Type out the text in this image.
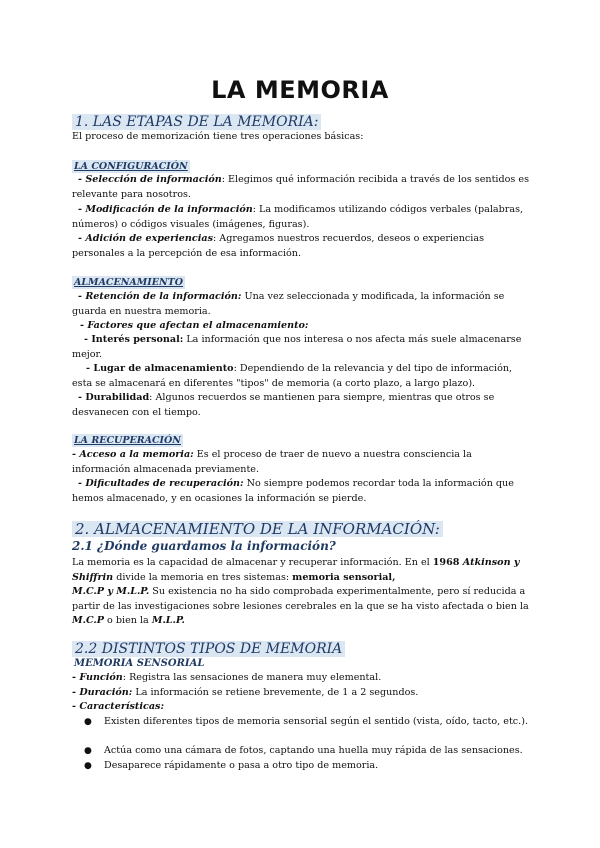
LA MEMORIA
1. LAS ETAPAS DE LA MEMORIA:
El proceso de memorización tiene tres operaciones básicas:
LA CONFIGURACIÓN
- Selección de información: Elegimos qué información recibida a través de los sentidos es relevante para nosotros.
- Modificación de la información: La modificamos utilizando códigos verbales (palabras, números) o códigos visuales (imágenes, figuras).
- Adición de experiencias: Agregamos nuestros recuerdos, deseos o experiencias personales a la percepción de esa información.
ALMACENAMIENTO
- Retención de la información: Una vez seleccionada y modificada, la información se guarda en nuestra memoria.
- Factores que afectan el almacenamiento:
- Interés personal: La información que nos interesa o nos afecta más suele almacenarse mejor.
- Lugar de almacenamiento: Dependiendo de la relevancia y del tipo de información, esta se almacenará en diferentes "tipos" de memoria (a corto plazo, a largo plazo).
- Durabilidad: Algunos recuerdos se mantienen para siempre, mientras que otros se desvanecen con el tiempo.
LA RECUPERACIÓN
- Acceso a la memoria: Es el proceso de traer de nuevo a nuestra consciencia la información almacenada previamente.
- Dificultades de recuperación: No siempre podemos recordar toda la información que hemos almacenado, y en ocasiones la información se pierde.
2. ALMACENAMIENTO DE LA INFORMACIÓN:
2.1 ¿Dónde guardamos la información?
La memoria es la capacidad de almacenar y recuperar información. En el 1968 Atkinson y Shiffrin divide la memoria en tres sistemas: memoria sensorial,
M.C.P y M.L.P. Su existencia no ha sido comprobada experimentalmente, pero sí reducida a partir de las investigaciones sobre lesiones cerebrales en la que se ha visto afectada o bien la M.C.P o bien la M.L.P.
2.2 DISTINTOS TIPOS DE MEMORIA
MEMORIA SENSORIAL
- Función: Registra las sensaciones de manera muy elemental.
- Duración: La información se retiene brevemente, de 1 a 2 segundos.
- Características:
● Existen diferentes tipos de memoria sensorial según el sentido (vista, oído, tacto, etc.).
● Actúa como una cámara de fotos, captando una huella muy rápida de las sensaciones.
● Desaparece rápidamente o pasa a otro tipo de memoria.
